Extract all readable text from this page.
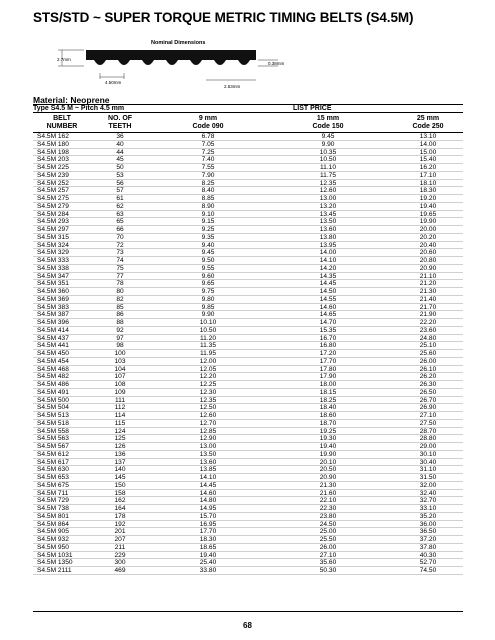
STS/STD ~ SUPER TORQUE METRIC TIMING BELTS (S4.5M)
Nominal Dimensions
2.7mm
4.50mm
0.38mm
2.53mm
Material: Neoprene
Type S4.5 M ~ Pitch 4.5 mm	LIST PRICE
BELT
NUMBER
NO. OF
TEETH
9 mm
Code 090
15 mm
Code 150
25 mm
Code 250
S4.5M 162	36	6.78	9.45	13.10
S4.5M 180	40	7.05	9.90	14.00
S4.5M 198	44	7.25	10.35	15.00
S4.5M 203	45	7.40	10.50	15.40
S4.5M 225	50	7.55	11.10	16.20
S4.5M 239	53	7.90	11.75	17.10
S4.5M 252	56	8.25	12.35	18.10
S4.5M 257	57	8.40	12.60	18.30
S4.5M 275	61	8.85	13.00	19.20
S4.5M 279	62	8.90	13.20	19.40
S4.5M 284	63	9.10	13.45	19.65
S4.5M 293	65	9.15	13.50	19.90
S4.5M 297	66	9.25	13.60	20.00
S4.5M 315	70	9.35	13.80	20.20
S4.5M 324	72	9.40	13.95	20.40
S4.5M 329	73	9.45	14.00	20.60
S4.5M 333	74	9.50	14.10	20.80
S4.5M 338	75	9.55	14.20	20.90
S4.5M 347	77	9.60	14.35	21.10
S4.5M 351	78	9.65	14.45	21.20
S4.5M 360	80	9.75	14.50	21.30
S4.5M 369	82	9.80	14.55	21.40
S4.5M 383	85	9.85	14.60	21.70
S4.5M 387	86	9.90	14.65	21.90
S4.5M 396	88	10.10	14.70	22.20
S4.5M 414	92	10.50	15.35	23.60
S4.5M 437	97	11.20	16.70	24.80
S4.5M 441	98	11.35	16.80	25.10
S4.5M 450	100	11.95	17.20	25.60
S4.5M 454	103	12.00	17.70	26.00
S4.5M 468	104	12.05	17.80	26.10
S4.5M 482	107	12.20	17.90	26.20
S4.5M 486	108	12.25	18.00	26.30
S4.5M 491	109	12.30	18.15	26.50
S4.5M 500	111	12.35	18.25	26.70
S4.5M 504	112	12.50	18.40	26.90
S4.5M 513	114	12.60	18.60	27.10
S4.5M 518	115	12.70	18.70	27.50
S4.5M 558	124	12.85	19.25	28.70
S4.5M 563	125	12.90	19.30	28.80
S4.5M 567	126	13.00	19.40	29.00
S4.5M 612	136	13.50	19.90	30.10
S4.5M 617	137	13.60	20.10	30.40
S4.5M 630	140	13.85	20.50	31.10
S4.5M 653	145	14.10	20.90	31.50
S4.5M 675	150	14.45	21.30	32.00
S4.5M 711	158	14.60	21.60	32.40
S4.5M 729	162	14.80	22.10	32.70
S4.5M 738	164	14.95	22.30	33.10
S4.5M 801	178	15.70	23.80	35.20
S4.5M 864	192	16.95	24.50	36.00
S4.5M 905	201	17.70	25.00	36.50
S4.5M 932	207	18.30	25.50	37.20
S4.5M 950	211	18.65	26.00	37.80
S4.5M 1031	229	19.40	27.10	40.30
S4.5M 1350	300	25.40	35.60	52.70
S4.5M 2111	469	33.80	50.30	74.50
68
